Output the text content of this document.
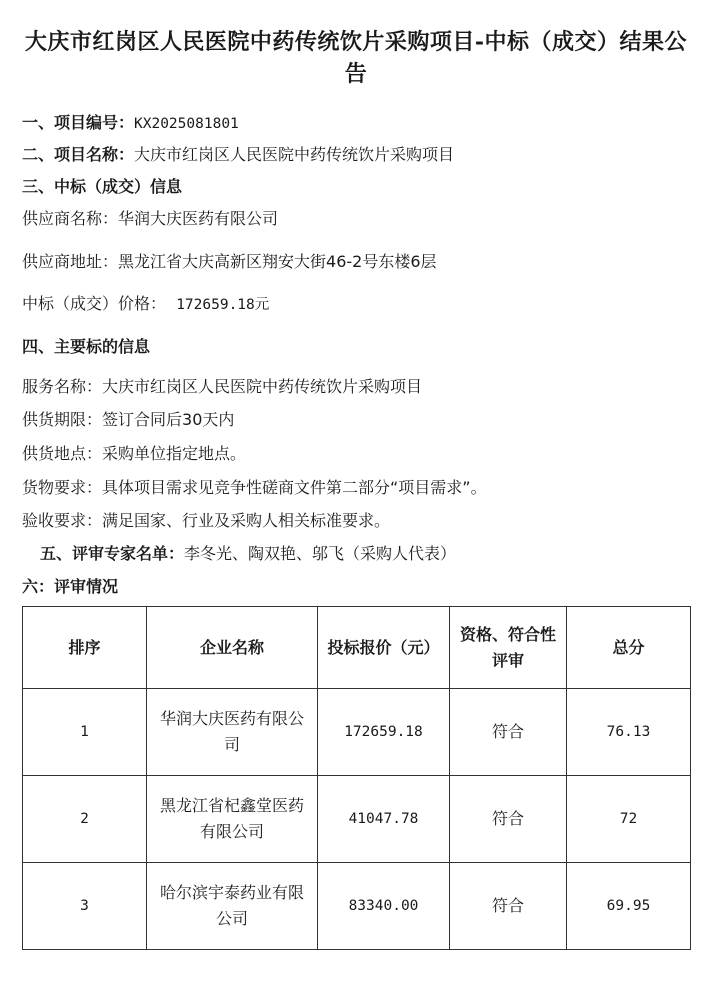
大庆市红岗区人民医院中药传统饮片采购项目-中标（成交）结果公告
一、项目编号：KX2025081801
二、项目名称：大庆市红岗区人民医院中药传统饮片采购项目
三、中标（成交）信息
供应商名称：华润大庆医药有限公司
供应商地址：黑龙江省大庆高新区翔安大街46-2号东楼6层
中标（成交）价格： 172659.18元
四、主要标的信息
服务名称：大庆市红岗区人民医院中药传统饮片采购项目
供货期限：签订合同后30天内
供货地点：采购单位指定地点。
货物要求：具体项目需求见竞争性磋商文件第二部分“项目需求”。
验收要求：满足国家、行业及采购人相关标准要求。
五、评审专家名单：李冬光、陶双艳、邬飞（采购人代表）
六：评审情况
排序	企业名称	投标报价（元）	资格、符合性评审	总分
1	华润大庆医药有限公司	172659.18	符合	76.13
2	黑龙江省杞鑫堂医药有限公司	41047.78	符合	72
3	哈尔滨宇泰药业有限公司	83340.00	符合	69.95
